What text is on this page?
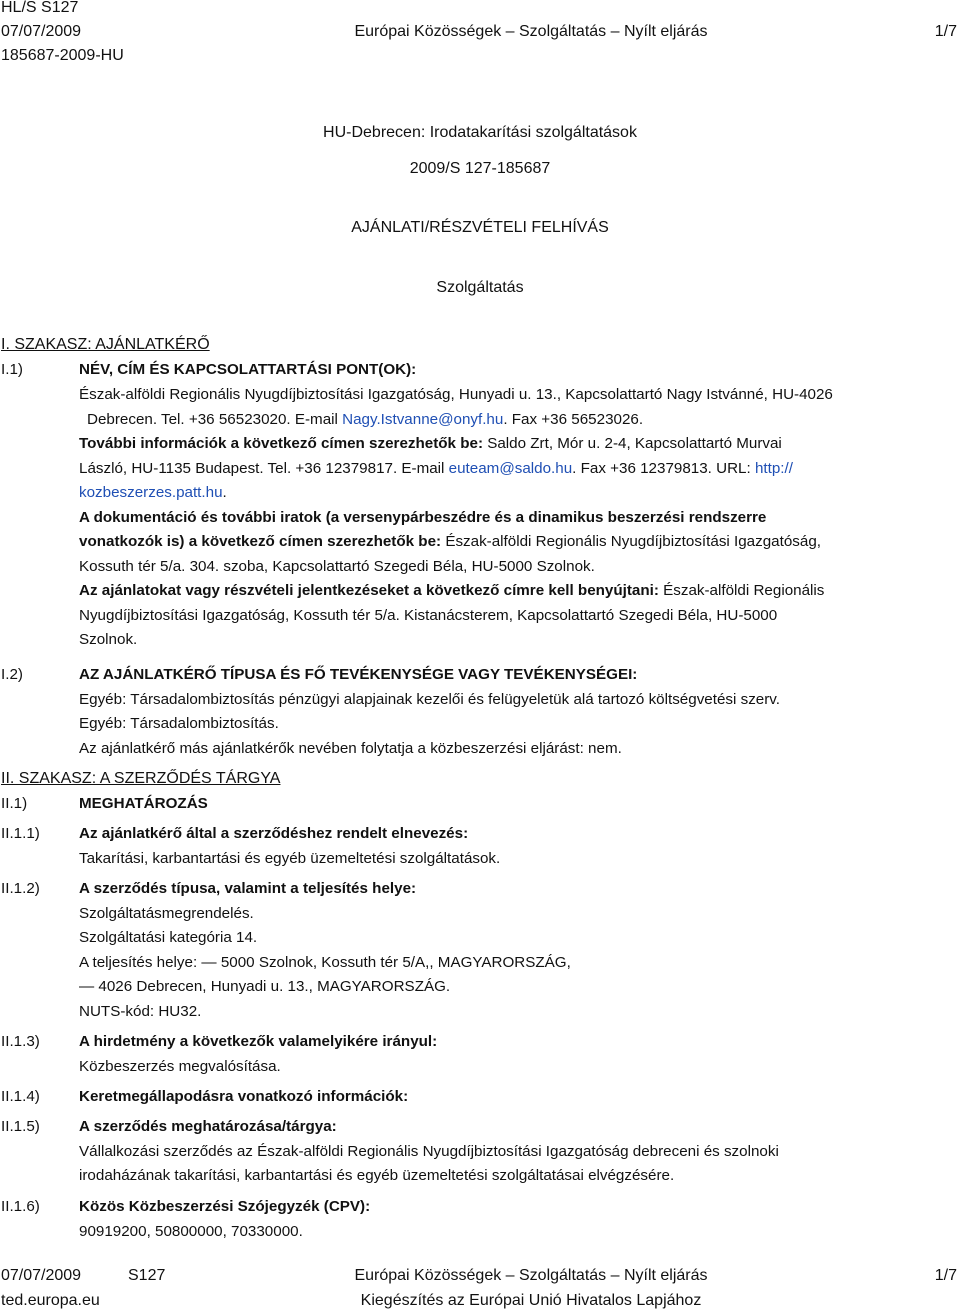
HL/S S127
07/07/2009
185687-2009-HU
Európai Közösségek – Szolgáltatás – Nyílt eljárás	1/7
HU-Debrecen: Irodatakarítási szolgáltatások
2009/S 127-185687
AJÁNLATI/RÉSZVÉTELI FELHÍVÁS
Szolgáltatás
I. SZAKASZ: AJÁNLATKÉRŐ
I.1)	NÉV, CÍM ÉS KAPCSOLATTARTÁSI PONT(OK):

Észak-alföldi Regionális Nyugdíjbiztosítási Igazgatóság, Hunyadi u. 13., Kapcsolattartó Nagy Istvánné, HU-4026

Debrecen. Tel. +36 56523020. E-mail Nagy.Istvanne@onyf.hu. Fax +36 56523026.

További információk a következő címen szerezhetők be: Saldo Zrt, Mór u. 2-4, Kapcsolattartó Murvai

László, HU-1135 Budapest. Tel. +36 12379817. E-mail euteam@saldo.hu. Fax +36 12379813. URL: http://

kozbeszerzes.patt.hu.

A dokumentáció és további iratok (a versenypárbeszédre és a dinamikus beszerzési rendszerre

vonatkozók is) a következő címen szerezhetők be: Észak-alföldi Regionális Nyugdíjbiztosítási Igazgatóság,

Kossuth tér 5/a. 304. szoba, Kapcsolattartó Szegedi Béla, HU-5000 Szolnok.

Az ajánlatokat vagy részvételi jelentkezéseket a következő címre kell benyújtani: Észak-alföldi Regionális

Nyugdíjbiztosítási Igazgatóság, Kossuth tér 5/a. Kistanácsterem, Kapcsolattartó Szegedi Béla, HU-5000

Szolnok.

I.2)	AZ AJÁNLATKÉRŐ TÍPUSA ÉS FŐ TEVÉKENYSÉGE VAGY TEVÉKENYSÉGEI:

Egyéb: Társadalombiztosítás pénzügyi alapjainak kezelői és felügyeletük alá tartozó költségvetési szerv.

Egyéb: Társadalombiztosítás.

Az ajánlatkérő más ajánlatkérők nevében folytatja a közbeszerzési eljárást: nem.

II. SZAKASZ: A SZERZŐDÉS TÁRGYA
II.1)	MEGHATÁROZÁS
II.1.1)	Az ajánlatkérő által a szerződéshez rendelt elnevezés:

Takarítási, karbantartási és egyéb üzemeltetési szolgáltatások.

II.1.2)	A szerződés típusa, valamint a teljesítés helye:

Szolgáltatásmegrendelés.

Szolgáltatási kategória 14.

A teljesítés helye: — 5000 Szolnok, Kossuth tér 5/A,, MAGYARORSZÁG,

— 4026 Debrecen, Hunyadi u. 13., MAGYARORSZÁG.

NUTS-kód: HU32.

II.1.3)	A hirdetmény a következők valamelyikére irányul:

Közbeszerzés megvalósítása.

II.1.4)	Keretmegállapodásra vonatkozó információk:
II.1.5)	A szerződés meghatározása/tárgya:

Vállalkozási szerződés az Észak-alföldi Regionális Nyugdíjbiztosítási Igazgatóság debreceni és szolnoki

irodaházának takarítási, karbantartási és egyéb üzemeltetési szolgáltatásai elvégzésére.

II.1.6)	Közös Közbeszerzési Szójegyzék (CPV):

90919200, 50800000, 70330000.

07/07/2009	S127
ted.europa.eu
Európai Közösségek – Szolgáltatás – Nyílt eljárás
Kiegészítés az Európai Unió Hivatalos Lapjához
1/7
